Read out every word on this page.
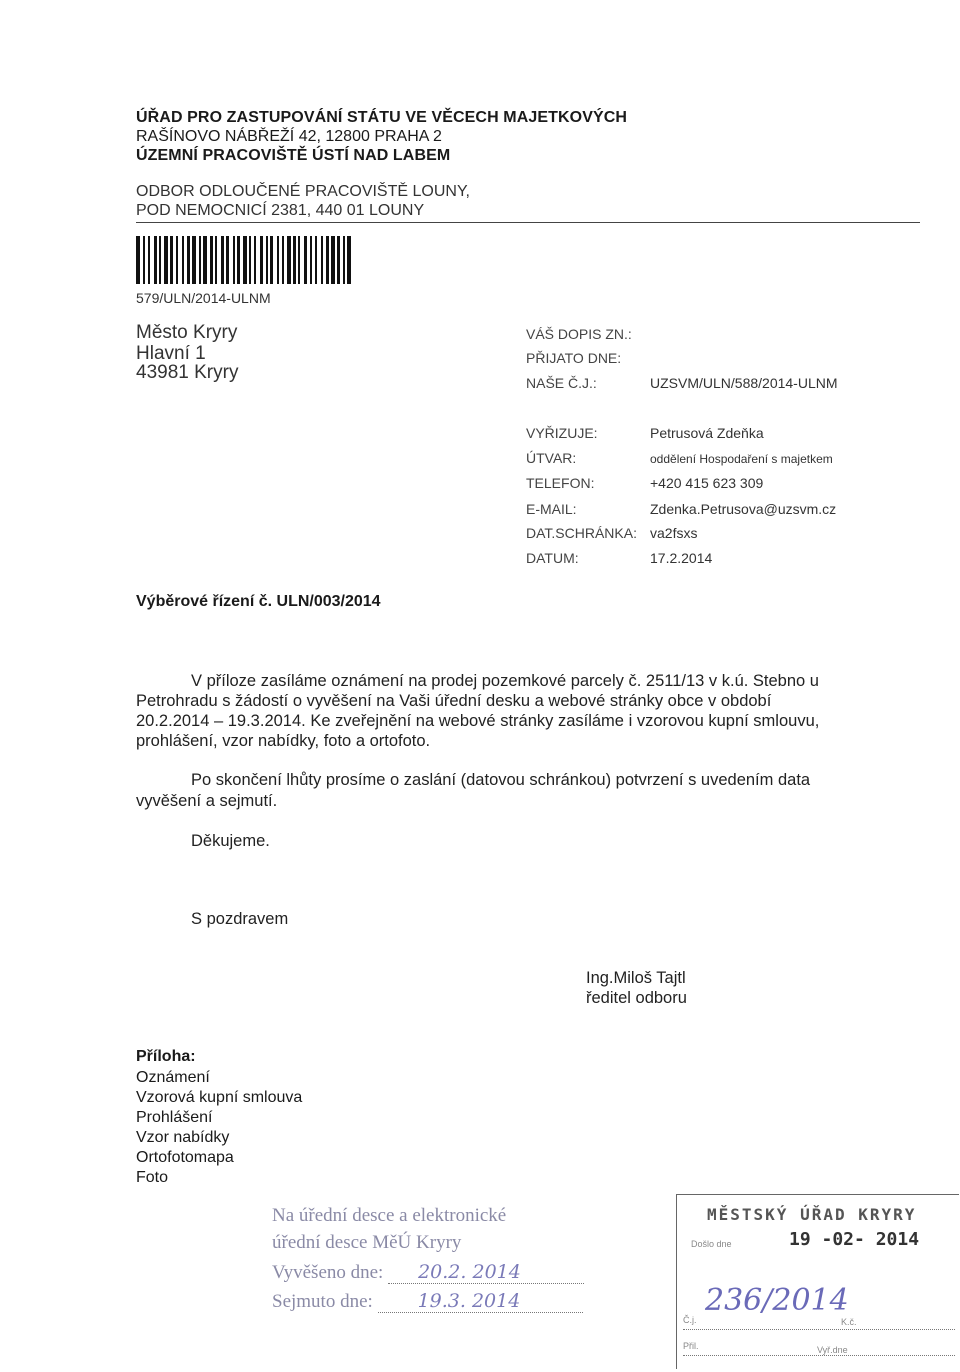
ÚŘAD PRO ZASTUPOVÁNÍ STÁTU VE VĚCECH MAJETKOVÝCH
RAŠÍNOVO NÁBŘEŽÍ 42, 12800 PRAHA 2
ÚZEMNÍ PRACOVIŠTĚ ÚSTÍ NAD LABEM
ODBOR ODLOUČENÉ PRACOVIŠTĚ LOUNY,
POD NEMOCNICÍ 2381, 440 01 LOUNY
579/ULN/2014-ULNM
Město Kryry
Hlavní 1
43981 Kryry
VÁŠ DOPIS ZN.:
PŘIJATO DNE:
NAŠE Č.J.:	UZSVM/ULN/588/2014-ULNM
VYŘIZUJE:	Petrusová Zdeňka
ÚTVAR:	oddělení Hospodaření s majetkem
TELEFON:	+420 415 623 309
E-MAIL:	Zdenka.Petrusova@uzsvm.cz
DAT.SCHRÁNKA: va2fsxs
DATUM:	17.2.2014
Výběrové řízení č. ULN/003/2014
V příloze zasíláme oznámení na prodej pozemkové parcely č. 2511/13 v k.ú. Stebno u
Petrohradu s žádostí o vyvěšení na Vaši úřední desku a webové stránky obce v období
20.2.2014 – 19.3.2014. Ke zveřejnění na webové stránky zasíláme i vzorovou kupní smlouvu,
prohlášení, vzor nabídky, foto a ortofoto.
Po skončení lhůty prosíme o zaslání (datovou schránkou) potvrzení s uvedením data
vyvěšení a sejmutí.
Děkujeme.
S pozdravem
Ing.Miloš Tajtl
ředitel odboru
Příloha:
Oznámení
Vzorová kupní smlouva
Prohlášení
Vzor nabídky
Ortofotomapa
Foto
Na úřední desce a elektronické
úřední desce MěÚ Kryry
Vyvěšeno dne: 20.2. 2014
Sejmuto dne: 19.3. 2014
MĚSTSKÝ ÚŘAD KRYRY
Došlo dne	19 -02- 2014
Č.j.
236/2014
K.č.
Přil.	Vyř.dne
